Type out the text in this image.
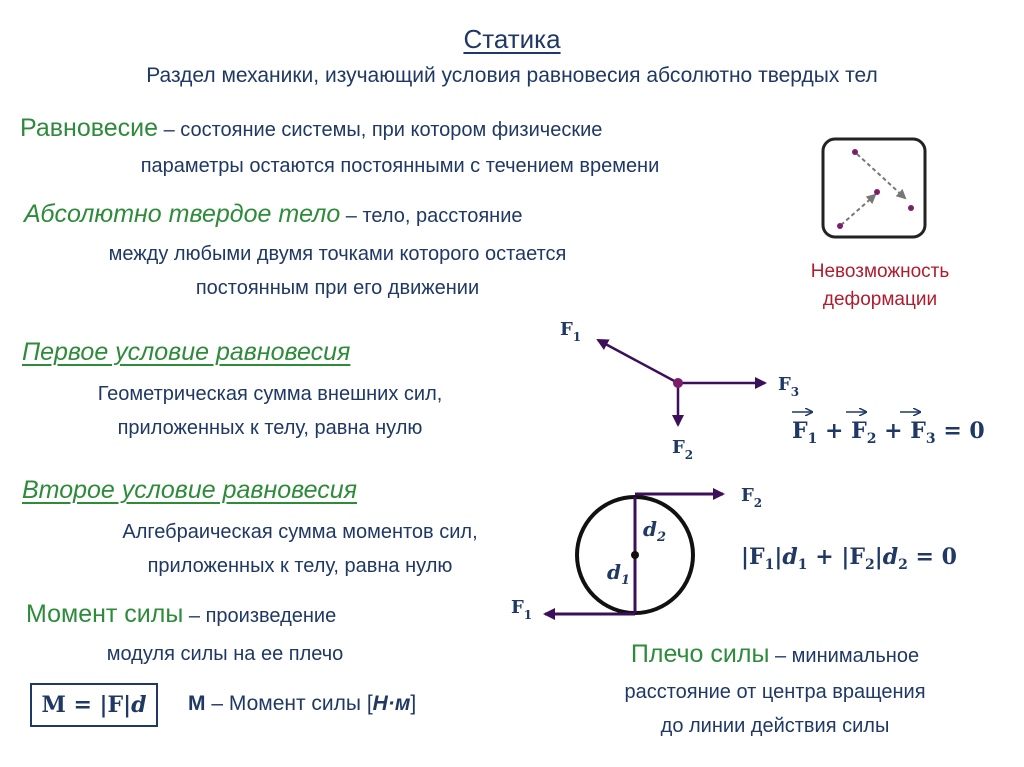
Статика
Раздел механики, изучающий условия равновесия абсолютно твердых тел
Равновесие – состояние системы, при котором физические
параметры остаются постоянными с течением времени
Абсолютно твердое тело – тело, расстояние
между любыми двумя точками которого остается
постоянным при его движении
Невозможность
деформации
Первое условие равновесия
Геометрическая сумма внешних сил,
приложенных к телу, равна нулю
$F_1$
$F_3$
$F_2$
$F_1 + F_2 + F_3 = 0$
Второе условие равновесия
Алгебраическая сумма моментов сил,
приложенных к телу, равна нулю
$F_2$
$F_1$
$d_2$
$d_1$
$|F_1|d_1 + |F_2|d_2 = 0$
Момент силы – произведение
модуля силы на ее плечо
M = |F|d	М – Момент силы [Н·м]
Плечо силы – минимальное
расстояние от центра вращения
до линии действия силы
